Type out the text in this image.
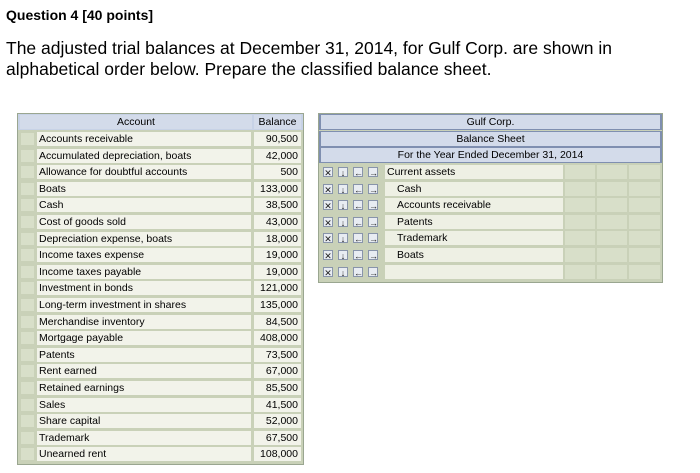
Question 4 [40 points]
The adjusted trial balances at December 31, 2014, for Gulf Corp. are shown in alphabetical order below. Prepare the classified balance sheet.
Account	Balance
Accounts receivable	90,500
Accumulated depreciation, boats	42,000
Allowance for doubtful accounts	500
Boats	133,000
Cash	38,500
Cost of goods sold	43,000
Depreciation expense, boats	18,000
Income taxes expense	19,000
Income taxes payable	19,000
Investment in bonds	121,000
Long-term investment in shares	135,000
Merchandise inventory	84,500
Mortgage payable	408,000
Patents	73,500
Rent earned	67,000
Retained earnings	85,500
Sales	41,500
Share capital	52,000
Trademark	67,500
Unearned rent	108,000
Gulf Corp.
Balance Sheet
For the Year Ended December 31, 2014
✕ ↓ ← → Current assets
✕ ↓ ← →	Cash
✕ ↓ ← →	Accounts receivable
✕ ↓ ← →	Patents
✕ ↓ ← →	Trademark
✕ ↓ ← →	Boats
✕ ↓ ← →
